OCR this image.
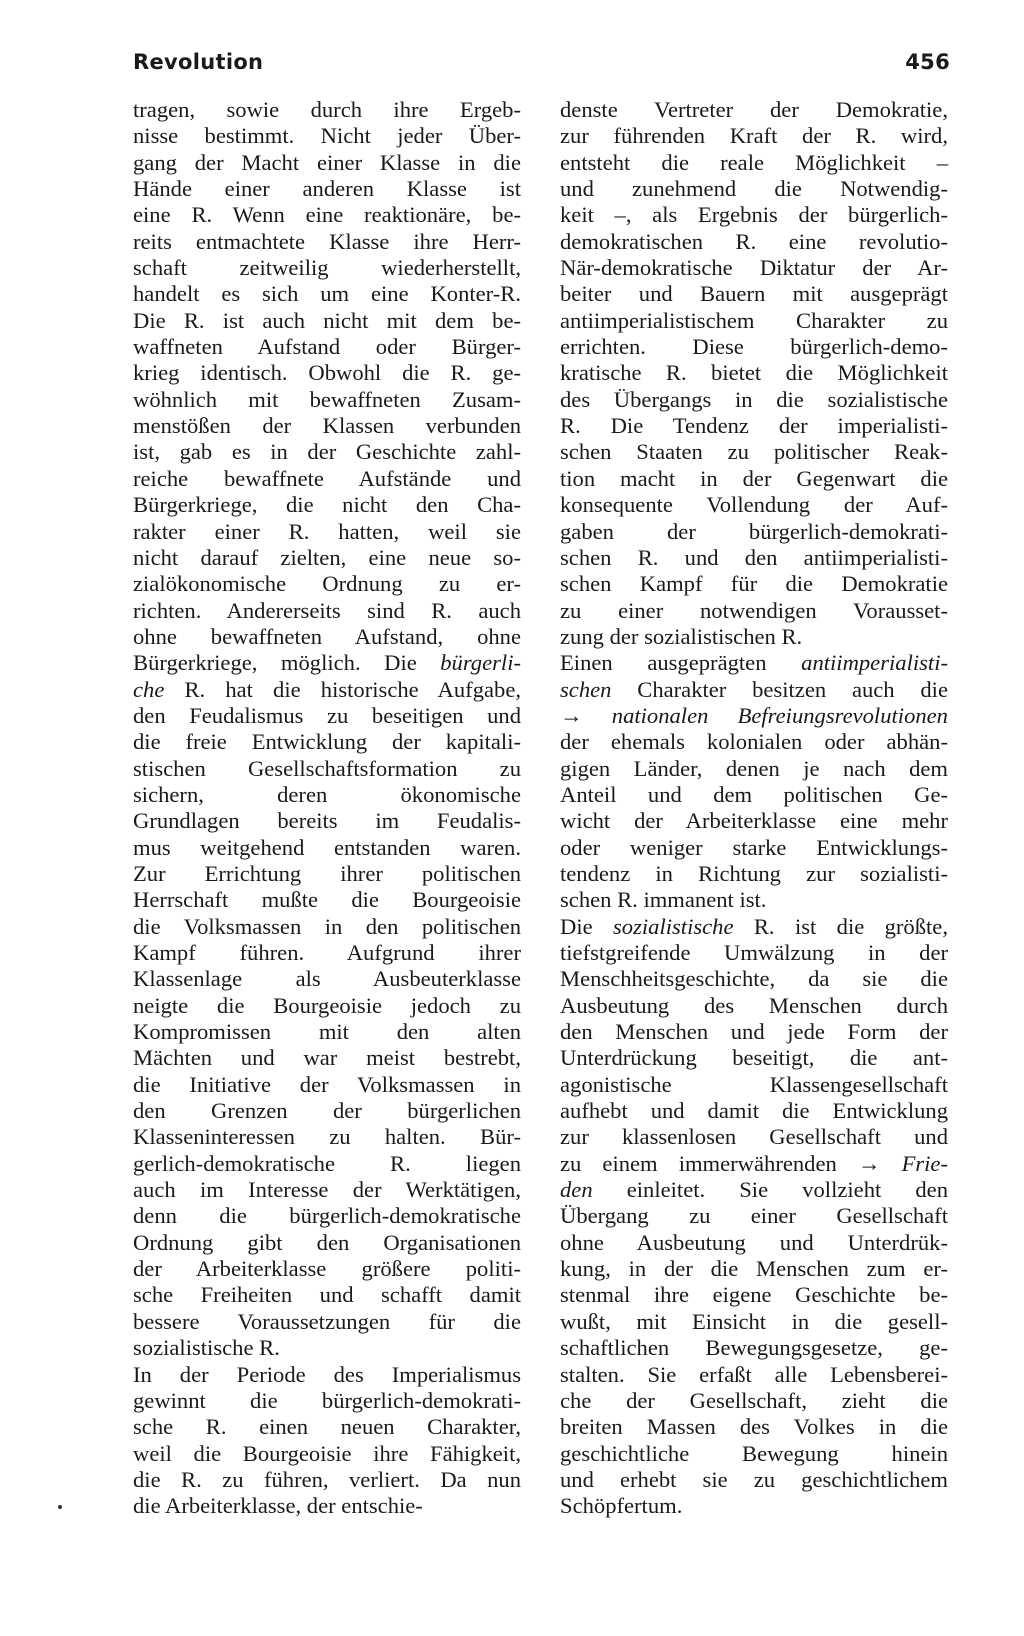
Revolution	456
tragen, sowie durch ihre Ergeb-
nisse bestimmt. Nicht jeder Über-
gang der Macht einer Klasse in die
Hände einer anderen Klasse ist
eine R. Wenn eine reaktionäre, be-
reits entmachtete Klasse ihre Herr-
schaft zeitweilig wiederherstellt,
handelt es sich um eine Konter-R.
Die R. ist auch nicht mit dem be-
waffneten Aufstand oder Bürger-
krieg identisch. Obwohl die R. ge-
wöhnlich mit bewaffneten Zusam-
menstößen der Klassen verbunden
ist, gab es in der Geschichte zahl-
reiche bewaffnete Aufstände und
Bürgerkriege, die nicht den Cha-
rakter einer R. hatten, weil sie
nicht darauf zielten, eine neue so-
zialökonomische Ordnung zu er-
richten. Andererseits sind R. auch
ohne bewaffneten Aufstand, ohne
Bürgerkriege, möglich. Die bürgerli-
che R. hat die historische Aufgabe,
den Feudalismus zu beseitigen und
die freie Entwicklung der kapitali-
stischen Gesellschaftsformation zu
sichern, deren ökonomische
Grundlagen bereits im Feudalis-
mus weitgehend entstanden waren.
Zur Errichtung ihrer politischen
Herrschaft mußte die Bourgeoisie
die Volksmassen in den politischen
Kampf führen. Aufgrund ihrer
Klassenlage als Ausbeuterklasse
neigte die Bourgeoisie jedoch zu
Kompromissen mit den alten
Mächten und war meist bestrebt,
die Initiative der Volksmassen in
den Grenzen der bürgerlichen
Klasseninteressen zu halten. Bür-
gerlich-demokratische R. liegen
auch im Interesse der Werktätigen,
denn die bürgerlich-demokratische
Ordnung gibt den Organisationen
der Arbeiterklasse größere politi-
sche Freiheiten und schafft damit
bessere Voraussetzungen für die
sozialistische R.
In der Periode des Imperialismus
gewinnt die bürgerlich-demokrati-
sche R. einen neuen Charakter,
weil die Bourgeoisie ihre Fähigkeit,
die R. zu führen, verliert. Da nun
die Arbeiterklasse, der entschie-
denste Vertreter der Demokratie,
zur führenden Kraft der R. wird,
entsteht die reale Möglichkeit –
und zunehmend die Notwendig-
keit –, als Ergebnis der bürgerlich-
demokratischen R. eine revolutio-
När-demokratische Diktatur der Ar-
beiter und Bauern mit ausgeprägt
antiimperialistischem Charakter zu
errichten. Diese bürgerlich-demo-
kratische R. bietet die Möglichkeit
des Übergangs in die sozialistische
R. Die Tendenz der imperialisti-
schen Staaten zu politischer Reak-
tion macht in der Gegenwart die
konsequente Vollendung der Auf-
gaben der bürgerlich-demokrati-
schen R. und den antiimperialisti-
schen Kampf für die Demokratie
zu einer notwendigen Vorausset-
zung der sozialistischen R.
Einen ausgeprägten antiimperialisti-
schen Charakter besitzen auch die
→ nationalen Befreiungsrevolutionen
der ehemals kolonialen oder abhän-
gigen Länder, denen je nach dem
Anteil und dem politischen Ge-
wicht der Arbeiterklasse eine mehr
oder weniger starke Entwicklungs-
tendenz in Richtung zur sozialisti-
schen R. immanent ist.
Die sozialistische R. ist die größte,
tiefstgreifende Umwälzung in der
Menschheitsgeschichte, da sie die
Ausbeutung des Menschen durch
den Menschen und jede Form der
Unterdrückung beseitigt, die ant-
agonistische Klassengesellschaft
aufhebt und damit die Entwicklung
zur klassenlosen Gesellschaft und
zu einem immerwährenden → Frie-
den einleitet. Sie vollzieht den
Übergang zu einer Gesellschaft
ohne Ausbeutung und Unterdrük-
kung, in der die Menschen zum er-
stenmal ihre eigene Geschichte be-
wußt, mit Einsicht in die gesell-
schaftlichen Bewegungsgesetze, ge-
stalten. Sie erfaßt alle Lebensberei-
che der Gesellschaft, zieht die
breiten Massen des Volkes in die
geschichtliche Bewegung hinein
und erhebt sie zu geschichtlichem
Schöpfertum.
